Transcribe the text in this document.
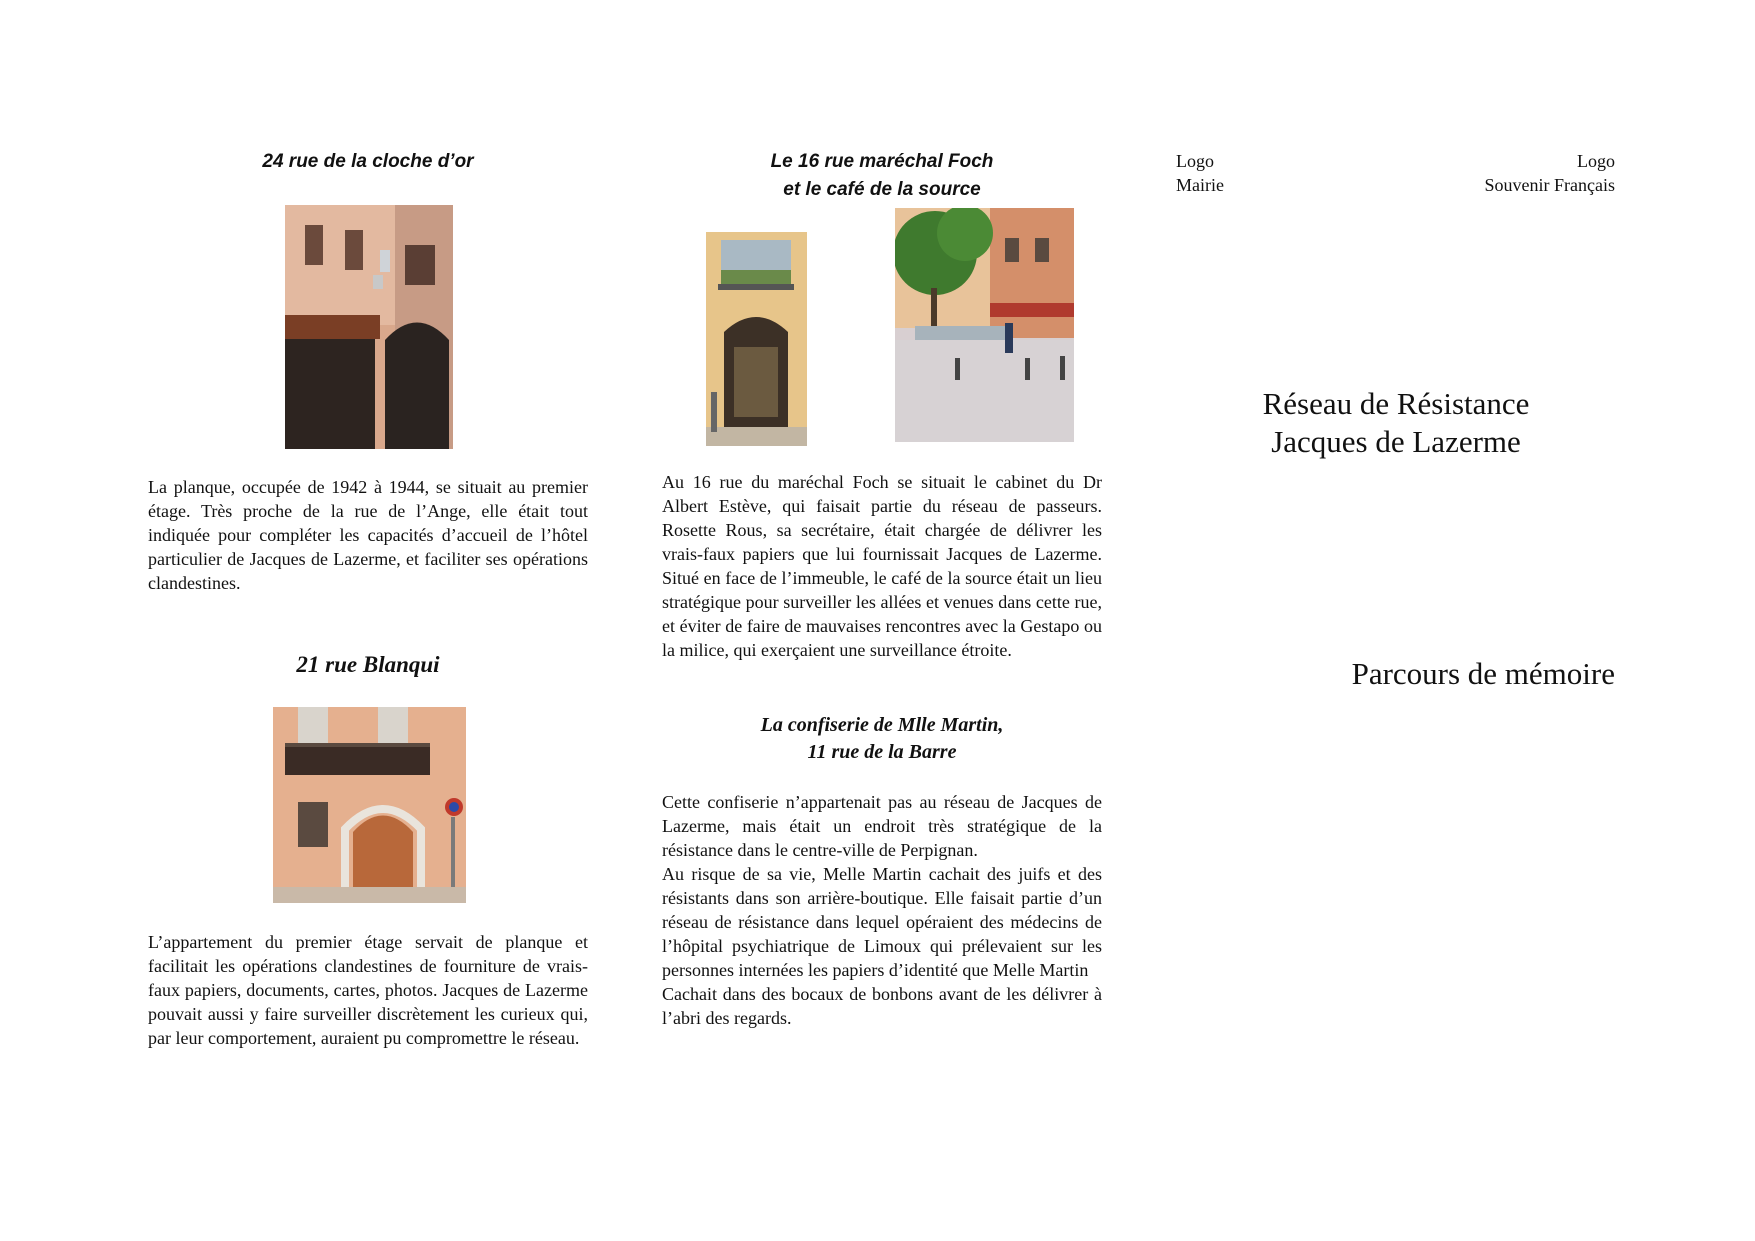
24 rue de la cloche d’or
La planque, occupée de 1942 à 1944, se situait au premier étage. Très proche de la rue de l’Ange, elle était tout indiquée pour compléter les capacités d’accueil de l’hôtel particulier de Jacques de Lazerme, et faciliter ses opérations clandestines.
21 rue Blanqui
L’appartement du premier étage servait de planque et facilitait les opérations clandestines de fourniture de vrais-faux papiers, documents, cartes, photos. Jacques de Lazerme pouvait aussi y faire surveiller discrètement les curieux qui, par leur comportement, auraient pu compromettre le réseau.
Le 16 rue maréchal Foch
et le café de la source
Au 16 rue du maréchal Foch se situait le cabinet du Dr Albert Estève, qui faisait partie du réseau de passeurs. Rosette Rous, sa secrétaire, était chargée de délivrer les vrais-faux papiers que lui fournissait Jacques de Lazerme. Situé en face de l’immeuble, le café de la source était un lieu stratégique pour surveiller les allées et venues dans cette rue, et éviter de faire de mauvaises rencontres avec la Gestapo ou la milice, qui exerçaient une surveillance étroite.
La confiserie de Mlle Martin,
11 rue de la Barre

Cette confiserie n’appartenait pas au réseau de Jacques de Lazerme, mais était un endroit très stratégique de la résistance dans le centre-ville de Perpignan.

Au risque de sa vie, Melle Martin cachait des juifs et des résistants dans son arrière-boutique. Elle faisait partie d’un réseau de résistance dans lequel opéraient des médecins de l’hôpital psychiatrique de Limoux qui prélevaient sur les personnes internées les papiers d’identité que Melle Martin

Cachait dans des bocaux de bonbons avant de les délivrer à l’abri des regards.

Logo
Mairie
Logo
Souvenir Français
Réseau de Résistance
Jacques de Lazerme
Parcours de mémoire
